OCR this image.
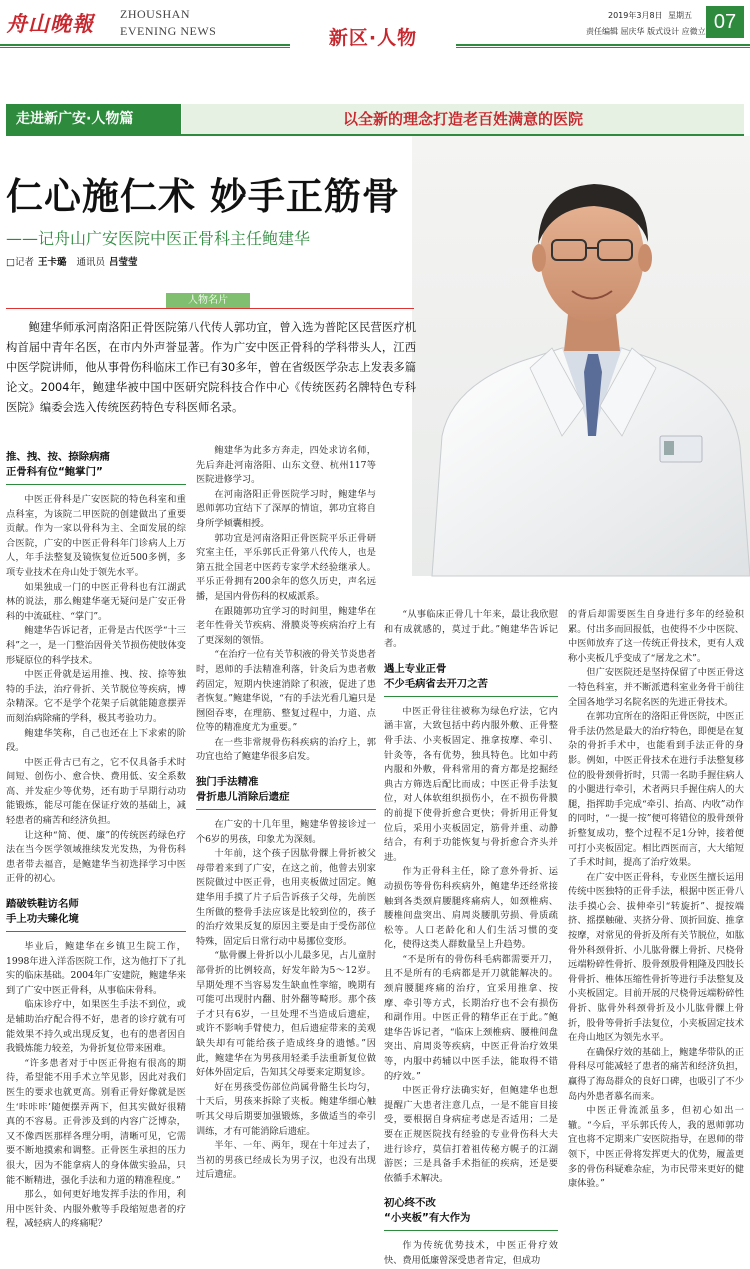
舟山晚報 ZHOUSHAN
EVENING NEWS
2019年3月8日 星期五
责任编辑 屈庆华 版式设计 应微立 07
新区·人物
走进新广安·人物篇	以全新的理念打造老百姓满意的医院
仁心施仁术 妙手正筋骨
——记舟山广安医院中医正骨科主任鲍建华
□记者 王卡璐 通讯员 吕莹莹
人物名片
鲍建华师承河南洛阳正骨医院第八代传人郭功宜，曾入选为普陀区民营医疗机构首届中青年名医，在市内外声誉显著。作为广安中医正骨科的学科带头人，江西中医学院讲师，他从事骨伤科临床工作已有30多年，曾在省级医学杂志上发表多篇论文。2004年，鲍建华被中国中医研究院科技合作中心《传统医药名牌特色专科医院》编委会选入传统医药特色专科医师名录。
推、拽、按、捺除病痛
正骨科有位“鲍掌门”

中医正骨科是广安医院的特色科室和重点科室，为该院二甲医院的创建做出了重要贡献。作为一家以骨科为主、全面发展的综合医院，广安的中医正骨科年门诊病人上万人，年手法整复及镜恢复位近500多例，多项专业技术在舟山处于领先水平。

如果独成一门的中医正骨科也有江湖武林的说法，那么鲍建华毫无疑问是广安正骨科的中流砥柱、“掌门”。

鲍建华告诉记者，正骨是古代医学“十三科”之一，是一门整治因骨关节损伤使肢体变形疑原位的科学技术。

中医正骨就是运用推、拽、按、捺等独特的手法，治疗骨折、关节脱位等疾病，博杂精深。它不是学个花架子后就能随意摆弄而刻治病除痛的学科，极其考验功力。

鲍建华笑称，自己也还在上下求索的阶段。

中医正骨古已有之，它不仅具备手术时间短、创伤小、愈合快、费用低、安全系数高、并发症少等优势，还有助于早期行动功能锻炼，能尽可能在保证疗效的基础上，减轻患者的痛苦和经济负担。

让这种“简、便、廉”的传统医药绿色疗法在当今医学领域推续发光发热，为骨伤科患者带去福音，是鲍建华当初选择学习中医正骨的初心。

踏破铁鞋访名师
手上功夫臻化境

毕业后，鲍建华在乡镇卫生院工作，1998年进入洋岙医院工作，这为他打下了扎实的临床基础。2004年广安建院，鲍建华来到了广安中医正骨科，从事临床骨科。

临床诊疗中，如果医生手法不到位，或是辅助治疗配合得不好，患者的诊疗就有可能效果不持久或出现反复，也有的患者因自我锻炼能力较差，为骨折复位带来困难。

“许多患者对于中医正骨抱有很高的期待，希望能不用手术立竿见影，因此对我们医生的要求也就更高。别看正骨好像就是医生‘咔咔咔’随便摆弄两下，但其实做好很精真的不容易。正骨涉及到的内容广泛博杂，又不像西医那样各理分明，清晰可见，它需要不断地摸索和调整。正骨医生承担的压力很大，因为不能拿病人的身体做实验品，只能不断精进，强化手法和力道的精准程度。”

那么，如何更好地发挥手法的作用，利用中医针灸、内服外敷等手段缩短患者的疗程，减轻病人的疼痛呢？

鲍建华为此多方奔走，四处求访名师，先后奔赴河南洛阳、山东文登、杭州117等医院进修学习。

在河南洛阳正骨医院学习时，鲍建华与恩师郭功宜结下了深厚的情谊，郭功宜将自身所学倾囊相授。

郭功宜是河南洛阳正骨医院平乐正骨研究室主任，平乐郭氏正骨第八代传人，也是第五批全国老中医药专家学术经验继承人。平乐正骨拥有200余年的悠久历史，声名远播，是国内骨伤科的权威派系。

在跟随郭功宜学习的时间里，鲍建华在老年性骨关节疾病、滑膜炎等疾病治疗上有了更深刻的领悟。

“在治疗一位有关节积液的骨关节炎患者时，恩师的手法精准利落，针灸后为患者敷药固定，短期内快速消除了积液，促进了患者恢复。”鲍建华说，“有的手法光看几遍只是囫囵吞枣，在理筋、整复过程中，力道、点位等的精准度尤为重要。”

在一些非常规骨伤科疾病的治疗上，郭功宜也给了鲍建华很多启发。

独门手法精准
骨折患儿消除后遗症

在广安的十几年里，鲍建华曾接诊过一个6岁的男孩，印象尤为深刻。

十年前，这个孩子因肱骨髁上骨折被父母带着来到了广安，在这之前，他曾去别家医院做过中医正骨，也用夹板做过固定。鲍建华用手摸了片子后告诉孩子父母，先前医生所做的整骨手法应该是比较到位的，孩子的治疗效果反复的原因主要是由于受伤部位特殊，固定后日常行动中易挪位变形。

“肱骨髁上骨折以小儿最多见，占儿童肘部骨折的比例较高，好发年龄为5～12岁。早期处理不当容易发生缺血性挛缩，晚期有可能可出现肘内翻、肘外翻等畸形。那个孩子才只有6岁，一旦处理不当造成后遗症，或许不影响手臂使力，但后遗症带来的美观缺失却有可能给孩子造成终身的遗憾。”因此，鲍建华在为男孩用轻柔手法重新复位做好体外固定后，告知其父母要来定期复诊。

好在男孩受伤部位尚属骨骼生长均匀，十天后，男孩来拆除了夹板。鲍建华细心触听其父母后期要加强锻炼，多做适当的牵引训练，才有可能消除后遗症。

半年、一年、两年，现在十年过去了，当初的男孩已经成长为男子汉，也没有出现过后遗症。

“从事临床正骨几十年来，最让我欣慰和有成就感的，莫过于此。”鲍建华告诉记者。

遇上专业正骨
不少毛病省去开刀之苦

中医正骨往往被称为绿色疗法，它内涵丰富，大致包括中药内服外敷、正骨整骨手法、小夹板固定、推拿按摩、牵引、针灸等，各有优势，独具特色。比如中药内服和外敷，骨科常用的膏方都是挖掘经典古方筛选后配比而成；中医正骨手法复位，对人体软组织损伤小，在不损伤骨膜的前提下使骨折愈合更快；骨折用正骨复位后，采用小夹板固定，筋骨并重、动静结合，有利于功能恢复与骨折愈合齐头并进。

作为正骨科主任，除了意外骨折、运动损伤等骨伤科疾病外，鲍建华还经常接触到各类颈肩腰腿疼痛病人，如颈椎病、腰椎间盘突出、肩周炎腰肌劳损、骨质疏松等。人口老龄化和人们生活习惯的变化，使得这类人群数量呈上升趋势。

“不是所有的骨伤科毛病都需要开刀，且不是所有的毛病都是开刀就能解决的。颈肩腰腿疼痛的治疗，宜采用推拿、按摩、牵引等方式，长期治疗也不会有损伤和副作用。中医正骨的精华正在于此。”鲍建华告诉记者，“临床上颈椎病、腰椎间盘突出、肩周炎等疾病，中医正骨治疗效果等，内服中药辅以中医手法，能取得不错的疗效。”

中医正骨疗法确实好，但鲍建华也想提醒广大患者注意几点，一是不能盲目接受，要根据自身病症考虑是否适用；二是要在正规医院找有经验的专业骨伤科大夫进行诊疗，莫信打着祖传秘方幌子的江湖游医；三是具备手术指征的疾病，还是要依循手术解决。

初心终不改
“小夹板”有大作为

作为传统优势技术，中医正骨疗效快、费用低廉曾深受患者肯定，但成功

的背后却需要医生自身进行多年的经验积累。付出多而回报低，也使得不少中医院、中医师放弃了这一传统正骨技术，更有人戏称小夹板几乎变成了“屠龙之术”。

但广安医院还是坚持保留了中医正骨这一特色科室，并不断派遣科室业务骨干前往全国各地学习名院名医的先进正骨技术。

在郭功宜所在的洛阳正骨医院，中医正骨手法仍然是最大的治疗特色，即便是在复杂的骨折手术中，也能看到手法正骨的身影。例如，中医正骨技术在进行手法整复移位的股骨颈骨折时，只需一名助手握住病人的小腿进行牵引，术者两只手握住病人的大腿，指挥助手完成“牵引、抬高、内收”动作的同时，“一提一按”便可将错位的股骨颈骨折整复成功，整个过程不足1分钟，接着便可打小夹板固定。相比西医而言，大大缩短了手术时间，提高了治疗效果。

在广安中医正骨科，专业医生擅长运用传统中医独特的正骨手法，根据中医正骨八法手摸心会、拔伸牵引“转旋折”、提按端挤、摇摆触碰、夹挤分骨、顶折回旋、推拿按摩，对常见的骨折及所有关节脱位，如肱骨外科颈骨折、小儿肱骨髁上骨折、尺桡骨远端粉碎性骨折、股骨颈股骨粗隆及四肢长骨骨折、椎体压缩性骨折等进行手法整复及小夹板固定。目前开展的尺桡骨远端粉碎性骨折、肱骨外科颈骨折及小儿肱骨髁上骨折，股骨等骨折手法复位，小夹板固定技术在舟山地区为领先水平。

在确保疗效的基础上，鲍建华带队的正骨科尽可能减轻了患者的痛苦和经济负担，赢得了海岛群众的良好口碑，也吸引了不少岛内外患者慕名而来。

中医正骨流派虽多，但初心如出一辙。“今后，平乐郭氏传人，我的恩师郭功宜也将不定期来广安医院指导，在恩师的带领下，中医正骨将发挥更大的优势，履盖更多的骨伤科疑难杂症，为市民带来更好的健康体验。”
